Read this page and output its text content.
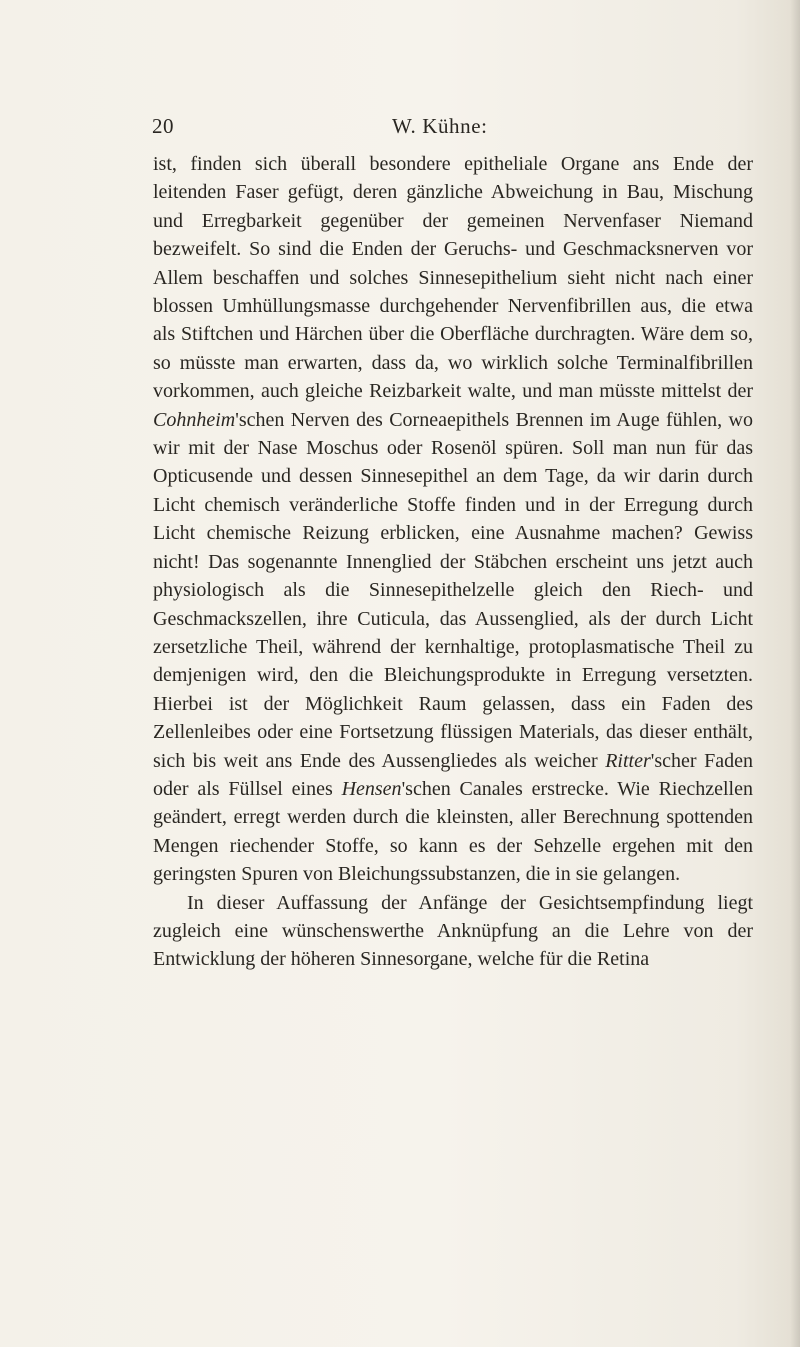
20	W. Kühne:

ist, finden sich überall besondere epitheliale Organe ans Ende der leitenden Faser gefügt, deren gänzliche Abweichung in Bau, Mischung und Erregbarkeit gegenüber der gemeinen Nervenfaser Niemand bezweifelt. So sind die Enden der Geruchs- und Geschmacksnerven vor Allem beschaffen und solches Sinnesepithelium sieht nicht nach einer blossen Umhüllungsmasse durchgehender Nervenfibrillen aus, die etwa als Stiftchen und Härchen über die Oberfläche durchragten. Wäre dem so, so müsste man erwarten, dass da, wo wirklich solche Terminalfibrillen vorkommen, auch gleiche Reizbarkeit walte, und man müsste mittelst der Cohnheim'schen Nerven des Corneaepithels Brennen im Auge fühlen, wo wir mit der Nase Moschus oder Rosenöl spüren. Soll man nun für das Opticusende und dessen Sinnesepithel an dem Tage, da wir darin durch Licht chemisch veränderliche Stoffe finden und in der Erregung durch Licht chemische Reizung erblicken, eine Ausnahme machen? Gewiss nicht! Das sogenannte Innenglied der Stäbchen erscheint uns jetzt auch physiologisch als die Sinnesepithelzelle gleich den Riech- und Geschmackszellen, ihre Cuticula, das Aussenglied, als der durch Licht zersetzliche Theil, während der kernhaltige, protoplasmatische Theil zu demjenigen wird, den die Bleichungsprodukte in Erregung versetzten. Hierbei ist der Möglichkeit Raum gelassen, dass ein Faden des Zellenleibes oder eine Fortsetzung flüssigen Materials, das dieser enthält, sich bis weit ans Ende des Aussengliedes als weicher Ritter'scher Faden oder als Füllsel eines Hensen'schen Canales erstrecke. Wie Riechzellen geändert, erregt werden durch die kleinsten, aller Berechnung spottenden Mengen riechender Stoffe, so kann es der Sehzelle ergehen mit den geringsten Spuren von Bleichungssubstanzen, die in sie gelangen.

In dieser Auffassung der Anfänge der Gesichtsempfindung liegt zugleich eine wünschenswerthe Anknüpfung an die Lehre von der Entwicklung der höheren Sinnesorgane, welche für die Retina
